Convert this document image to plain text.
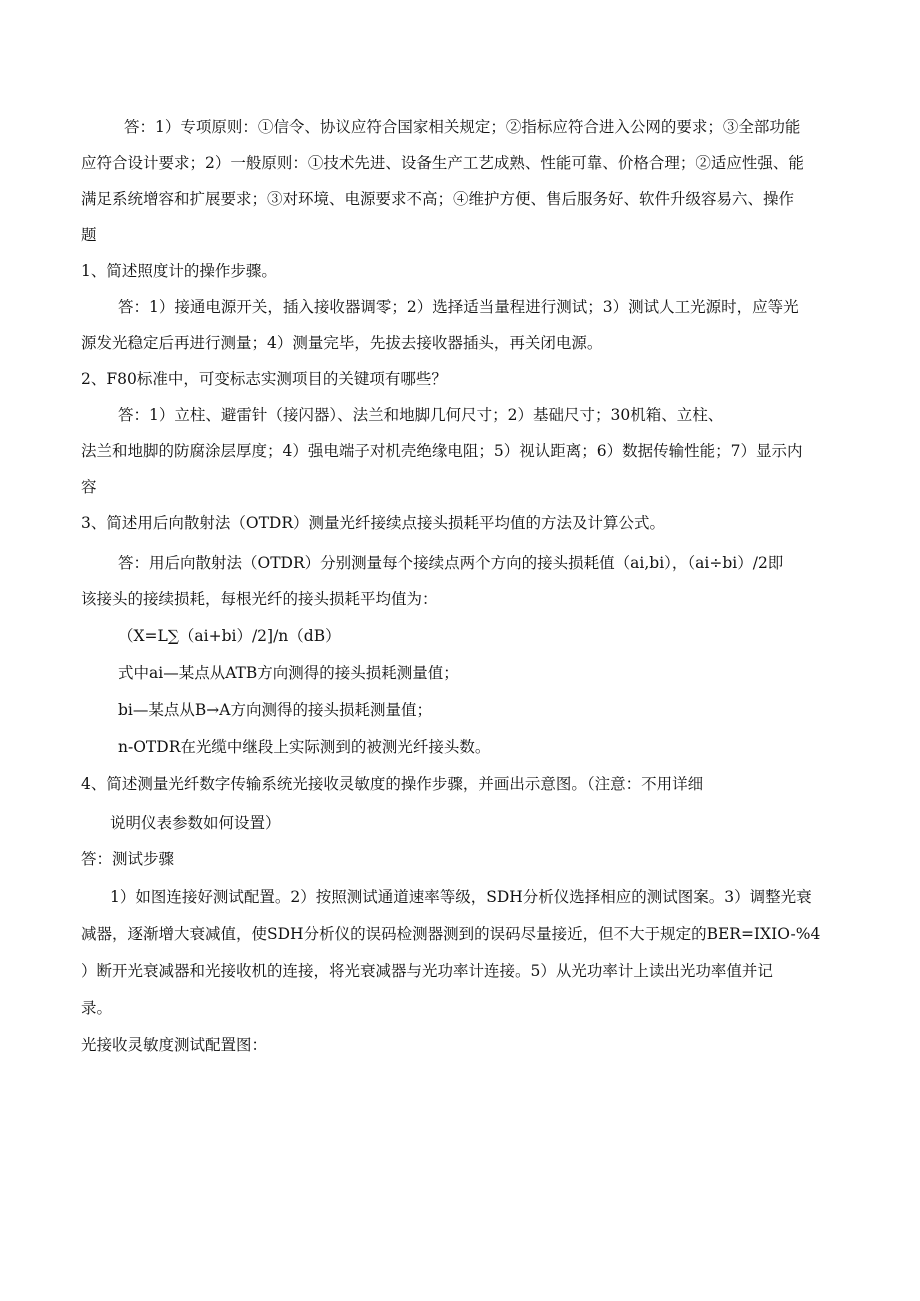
答：1）专项原则：①信令、协议应符合国家相关规定；②指标应符合进入公网的要求；③全部功能
应符合设计要求；2）一般原则：①技术先进、设备生产工艺成熟、性能可靠、价格合理；②适应性强、能
满足系统增容和扩展要求；③对环境、电源要求不高；④维护方便、售后服务好、软件升级容易六、操作
题
1、简述照度计的操作步骤。
答：1）接通电源开关，插入接收器调零；2）选择适当量程进行测试；3）测试人工光源时，应等光
源发光稳定后再进行测量；4）测量完毕，先拔去接收器插头，再关闭电源。
2、F80标准中，可变标志实测项目的关键项有哪些？
答：1）立柱、避雷针（接闪器）、法兰和地脚几何尺寸；2）基础尺寸；30机箱、立柱、
法兰和地脚的防腐涂层厚度；4）强电端子对机壳绝缘电阻；5）视认距离；6）数据传输性能；7）显示内
容
3、简述用后向散射法（OTDR）测量光纤接续点接头损耗平均值的方法及计算公式。
答：用后向散射法（OTDR）分别测量每个接续点两个方向的接头损耗值（ai,bi），（ai÷bi）/2即
该接头的接续损耗，每根光纤的接头损耗平均值为：
（X=L∑（ai+bi）/2]/n（dB）
式中ai—某点从ATB方向测得的接头损耗测量值；
bi—某点从B→A方向测得的接头损耗测量值；
n-OTDR在光缆中继段上实际测到的被测光纤接头数。
4、简述测量光纤数字传输系统光接收灵敏度的操作步骤，并画出示意图。（注意：不用详细
说明仪表参数如何设置）
答：测试步骤
1）如图连接好测试配置。2）按照测试通道速率等级，SDH分析仪选择相应的测试图案。3）调整光衰
减器，逐渐增大衰减值，使SDH分析仪的误码检测器测到的误码尽量接近，但不大于规定的BER=IXIO-%4
）断开光衰减器和光接收机的连接，将光衰减器与光功率计连接。5）从光功率计上读出光功率值并记
录。
光接收灵敏度测试配置图：
